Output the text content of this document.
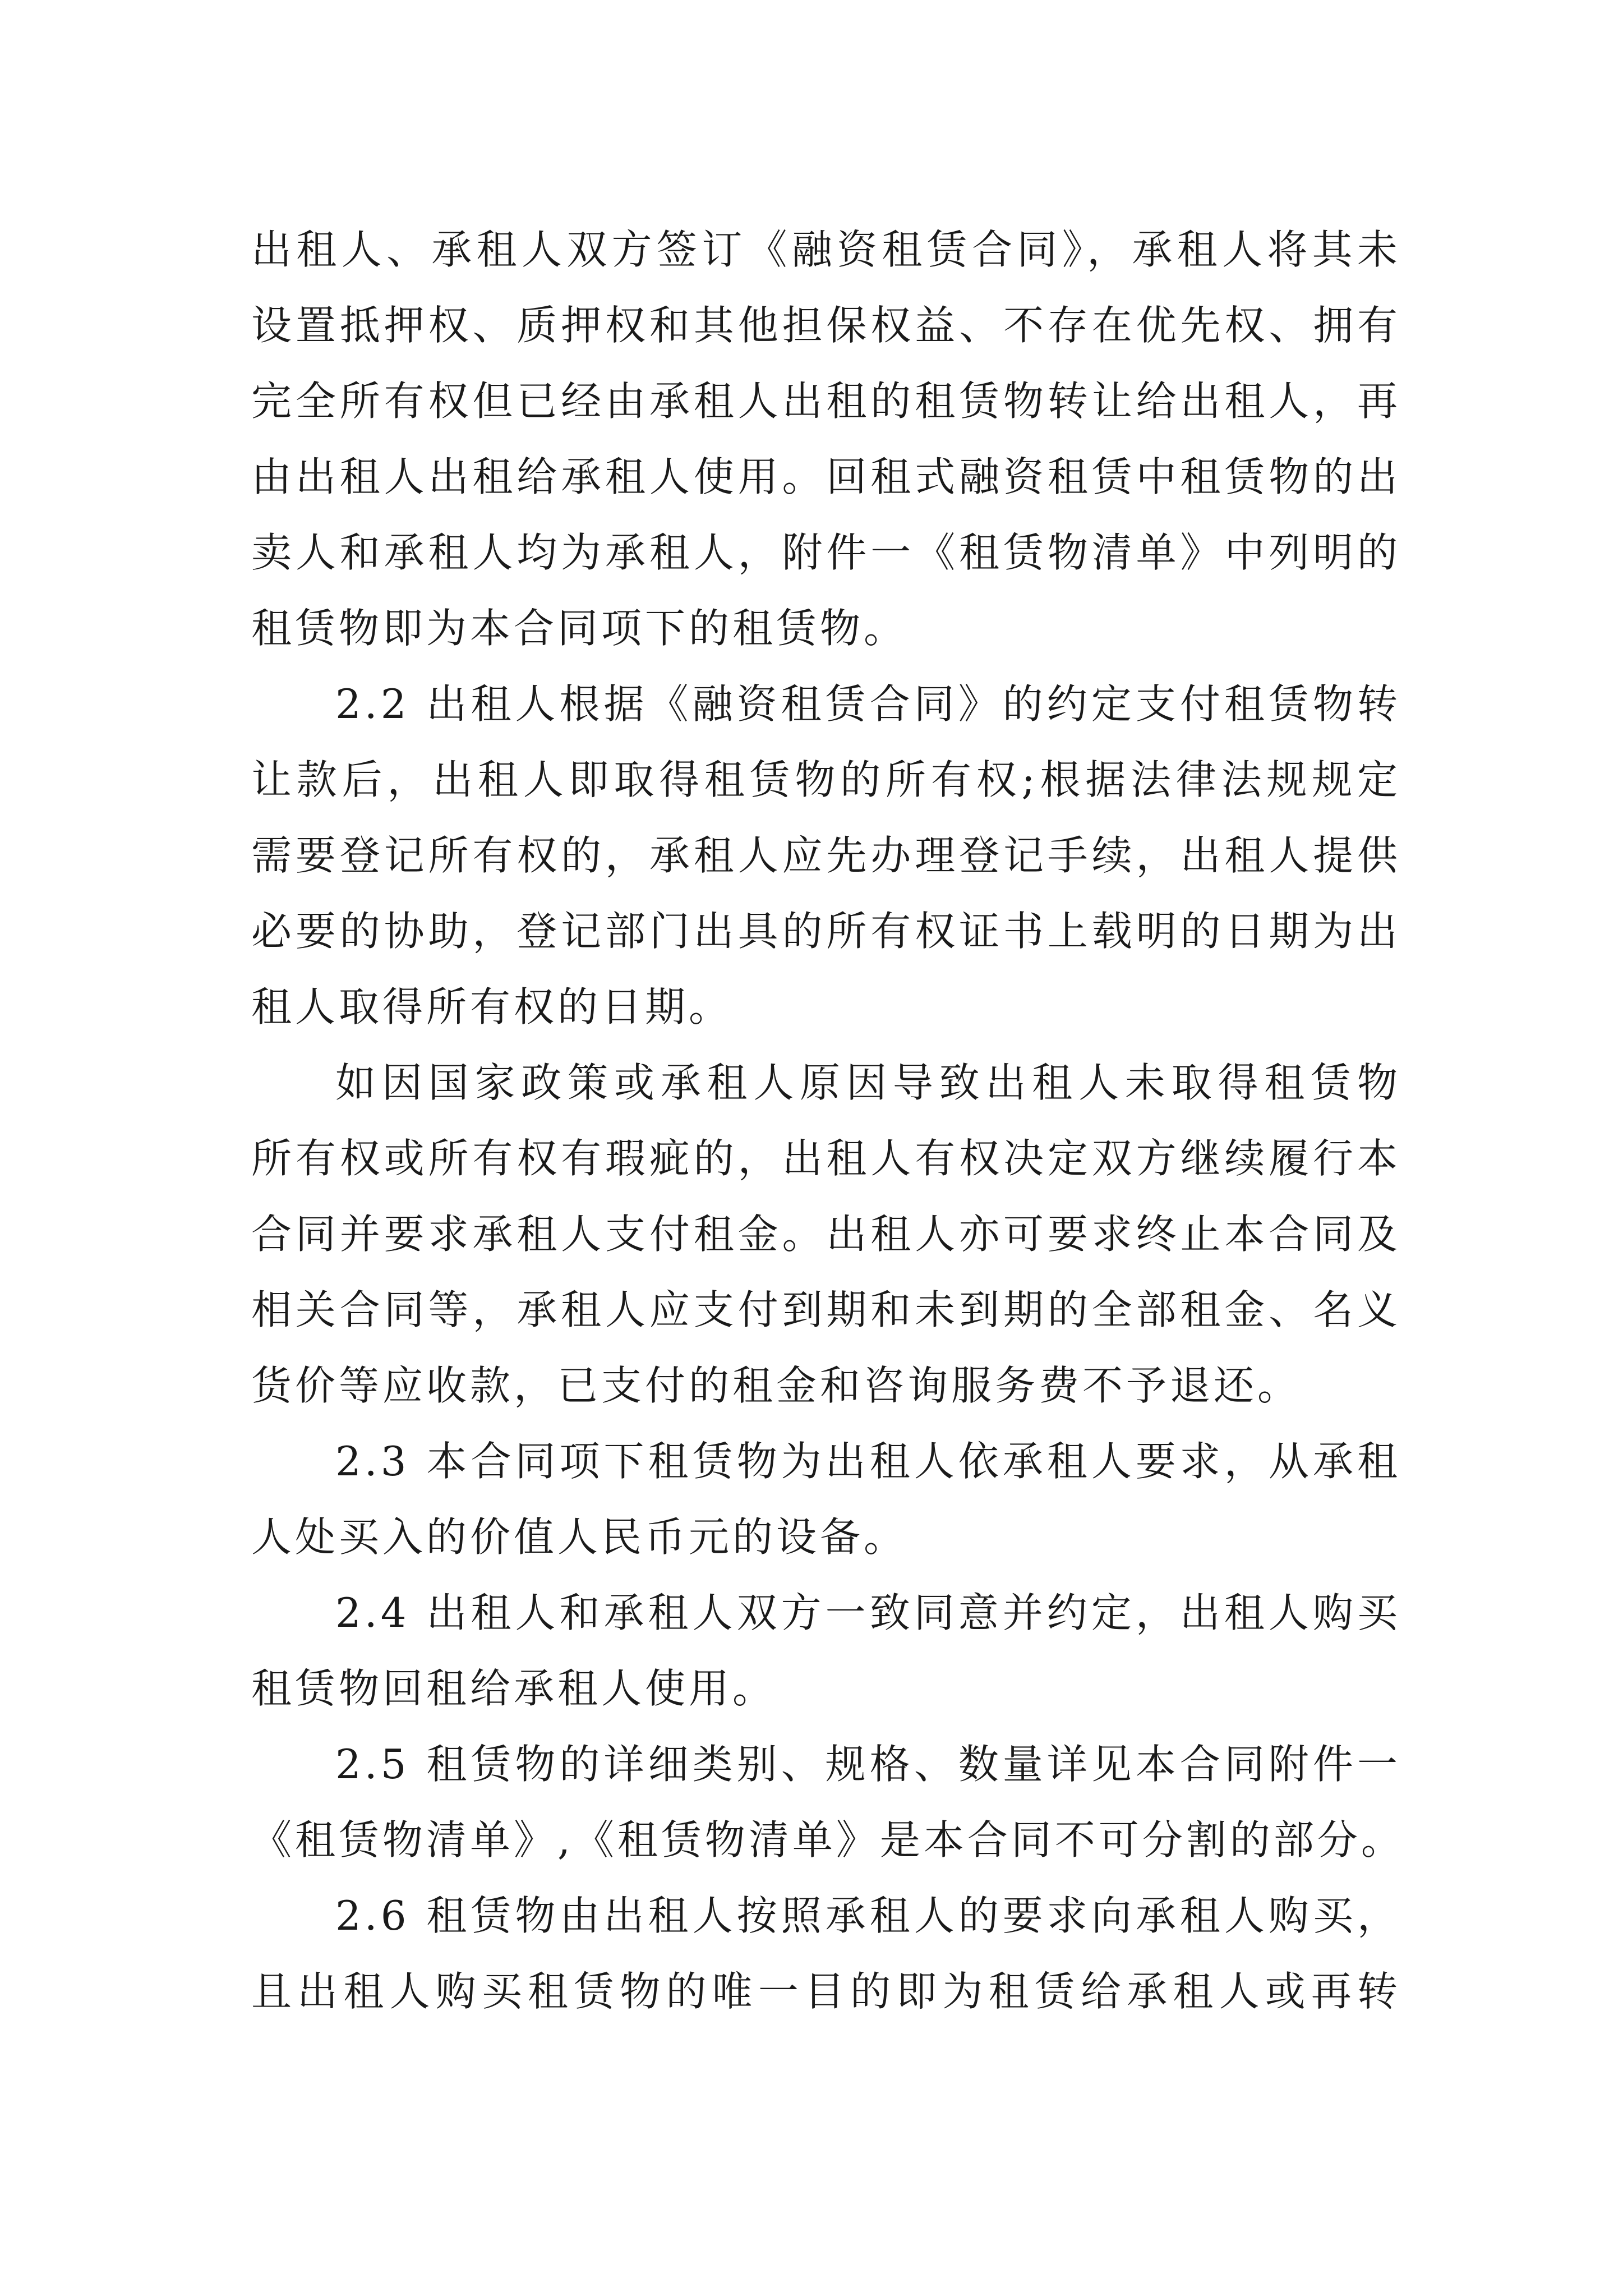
出租人、承租人双方签订《融资租赁合同》，承租人将其未
设置抵押权、质押权和其他担保权益、不存在优先权、拥有
完全所有权但已经由承租人出租的租赁物转让给出租人，再
由出租人出租给承租人使用。回租式融资租赁中租赁物的出
卖人和承租人均为承租人，附件一《租赁物清单》中列明的
租赁物即为本合同项下的租赁物。
2.2 出租人根据《融资租赁合同》的约定支付租赁物转
让款后，出租人即取得租赁物的所有权;根据法律法规规定
需要登记所有权的，承租人应先办理登记手续，出租人提供
必要的协助，登记部门出具的所有权证书上载明的日期为出
租人取得所有权的日期。
如因国家政策或承租人原因导致出租人未取得租赁物
所有权或所有权有瑕疵的，出租人有权决定双方继续履行本
合同并要求承租人支付租金。出租人亦可要求终止本合同及
相关合同等，承租人应支付到期和未到期的全部租金、名义
货价等应收款，已支付的租金和咨询服务费不予退还。
2.3 本合同项下租赁物为出租人依承租人要求，从承租
人处买入的价值人民币元的设备。
2.4 出租人和承租人双方一致同意并约定，出租人购买
租赁物回租给承租人使用。
2.5 租赁物的详细类别、规格、数量详见本合同附件一
《租赁物清单》,《租赁物清单》是本合同不可分割的部分。
2.6 租赁物由出租人按照承租人的要求向承租人购买，
且出租人购买租赁物的唯一目的即为租赁给承租人或再转
